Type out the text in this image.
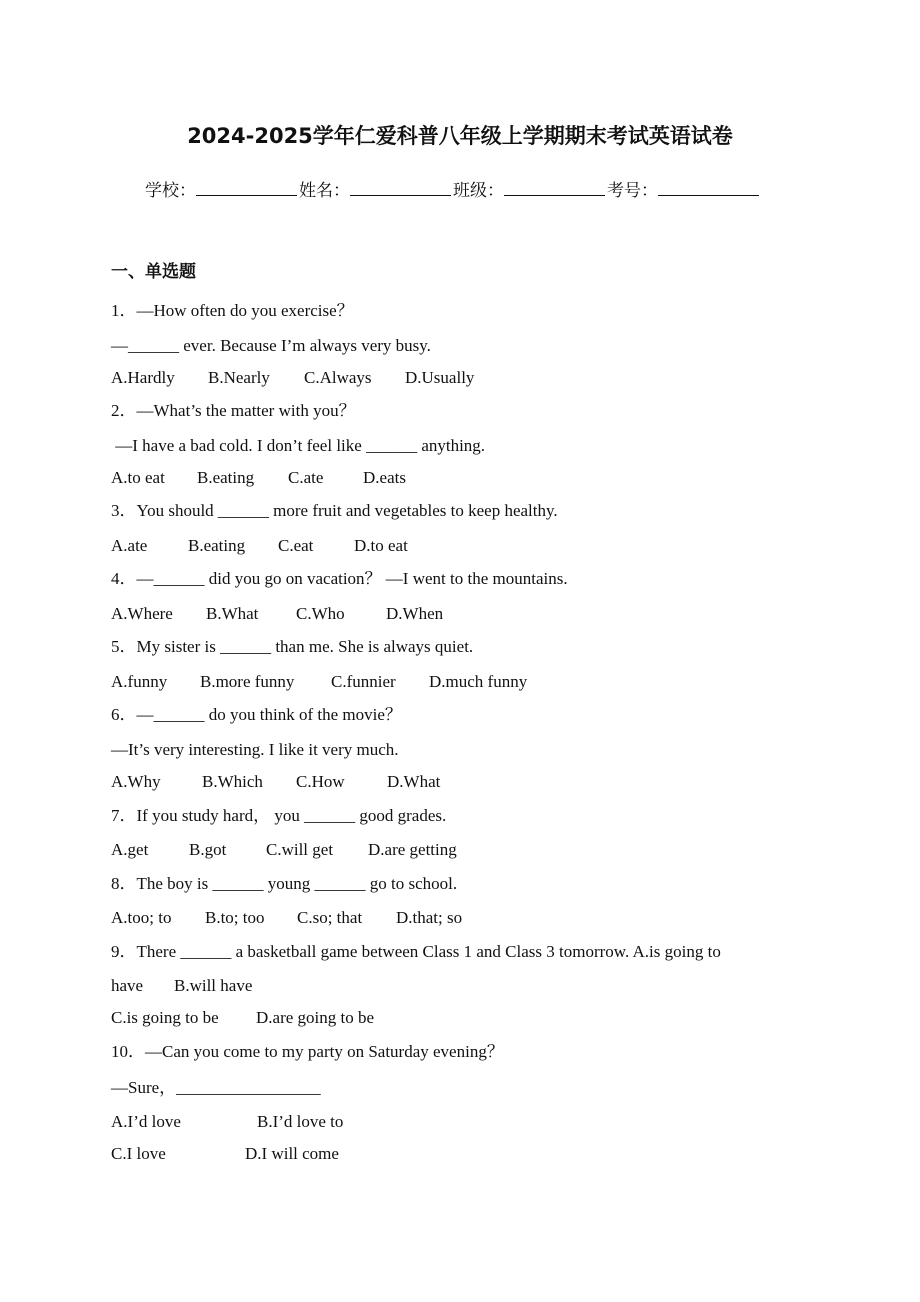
2024-2025学年仁爱科普八年级上学期期末考试英语试卷
学校：	姓名：	班级：	考号：
一、单选题
1．—How often do you exercise？
—______ ever. Because I’m always very busy.
A.Hardly B.Nearly C.Always D.Usually
2．—What’s the matter with you？
—I have a bad cold. I don’t feel like ______ anything.
A.to eat B.eating C.ate D.eats
3．You should ______ more fruit and vegetables to keep healthy.
A.ate B.eating C.eat D.to eat
4．—______ did you go on vacation？ —I went to the mountains.
A.Where B.What C.Who D.When
5．My sister is ______ than me. She is always quiet.
A.funny B.more funny C.funnier D.much funny
6．—______ do you think of the movie？
—It’s very interesting. I like it very much.
A.Why B.Which C.How D.What
7．If you study hard， you ______ good grades.
A.get B.got C.will get D.are getting
8．The boy is ______ young ______ go to school.
A.too; to B.to; too C.so; that D.that; so
9．There ______ a basketball game between Class 1 and Class 3 tomorrow. A.is going to
have B.will have
C.is going to be D.are going to be
10．—Can you come to my party on Saturday evening？
—Sure，_________________
A.I’d love	B.I’d love to
C.I love	D.I will come
